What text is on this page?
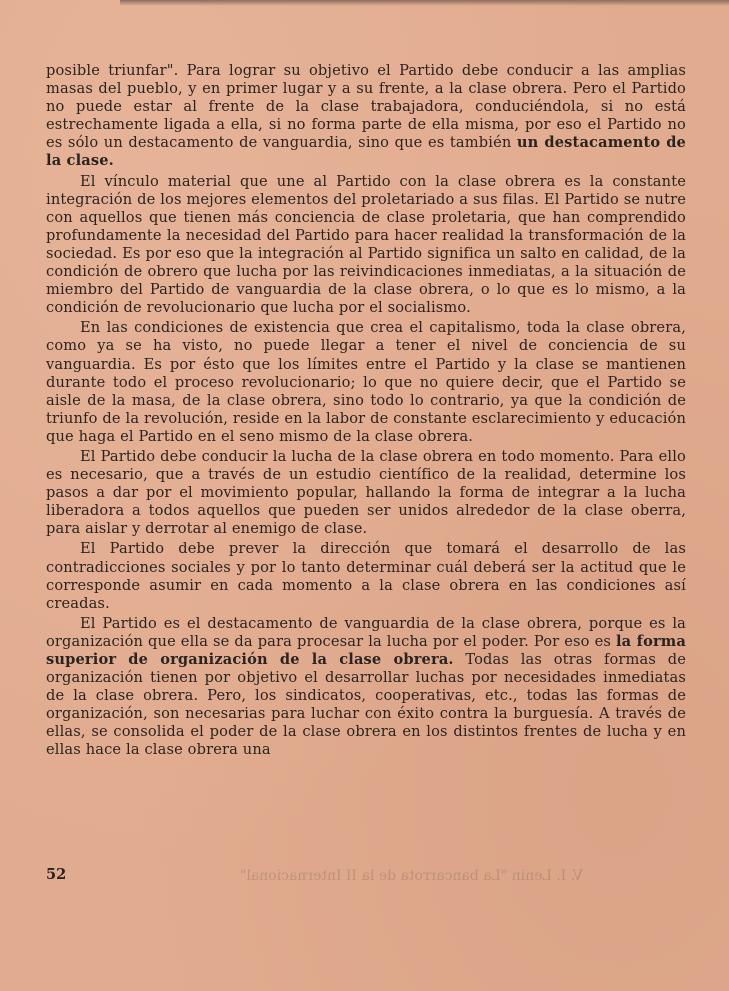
posible triunfar". Para lograr su objetivo el Partido debe conducir a las amplias masas del pueblo, y en primer lugar y a su frente, a la clase obrera. Pero el Partido no puede estar al frente de la clase trabajadora, conduciéndola, si no está estrechamente ligada a ella, si no forma parte de ella misma, por eso el Partido no es sólo un destacamento de vanguardia, sino que es también un destacamento de la clase.

El vínculo material que une al Partido con la clase obrera es la constante integración de los mejores elementos del proletariado a sus filas. El Partido se nutre con aquellos que tienen más conciencia de clase proletaria, que han comprendido profundamente la necesidad del Partido para hacer realidad la transformación de la sociedad. Es por eso que la integración al Partido significa un salto en calidad, de la condición de obrero que lucha por las reivindicaciones inmediatas, a la situación de miembro del Partido de vanguardia de la clase obrera, o lo que es lo mismo, a la condición de revolucionario que lucha por el socialismo.

En las condiciones de existencia que crea el capitalismo, toda la clase obrera, como ya se ha visto, no puede llegar a tener el nivel de conciencia de su vanguardia. Es por ésto que los límites entre el Partido y la clase se mantienen durante todo el proceso revolucionario; lo que no quiere decir, que el Partido se aisle de la masa, de la clase obrera, sino todo lo contrario, ya que la condición de triunfo de la revolución, reside en la labor de constante esclarecimiento y educación que haga el Partido en el seno mismo de la clase obrera.

El Partido debe conducir la lucha de la clase obrera en todo momento. Para ello es necesario, que a través de un estudio científico de la realidad, determine los pasos a dar por el movimiento popular, hallando la forma de integrar a la lucha liberadora a todos aquellos que pueden ser unidos alrededor de la clase oberra, para aislar y derrotar al enemigo de clase.

El Partido debe prever la dirección que tomará el desarrollo de las contradicciones sociales y por lo tanto determinar cuál deberá ser la actitud que le corresponde asumir en cada momento a la clase obrera en las condiciones así creadas.

El Partido es el destacamento de vanguardia de la clase obrera, porque es la organización que ella se da para procesar la lucha por el poder. Por eso es la forma superior de organización de la clase obrera. Todas las otras formas de organización tienen por objetivo el desarrollar luchas por necesidades inmediatas de la clase obrera. Pero, los sindicatos, cooperativas, etc., todas las formas de organización, son necesarias para luchar con éxito contra la burguesía. A través de ellas, se consolida el poder de la clase obrera en los distintos frentes de lucha y en ellas hace la clase obrera una

V. I. Lenin "La bancarrota de la II Internacional"
52
